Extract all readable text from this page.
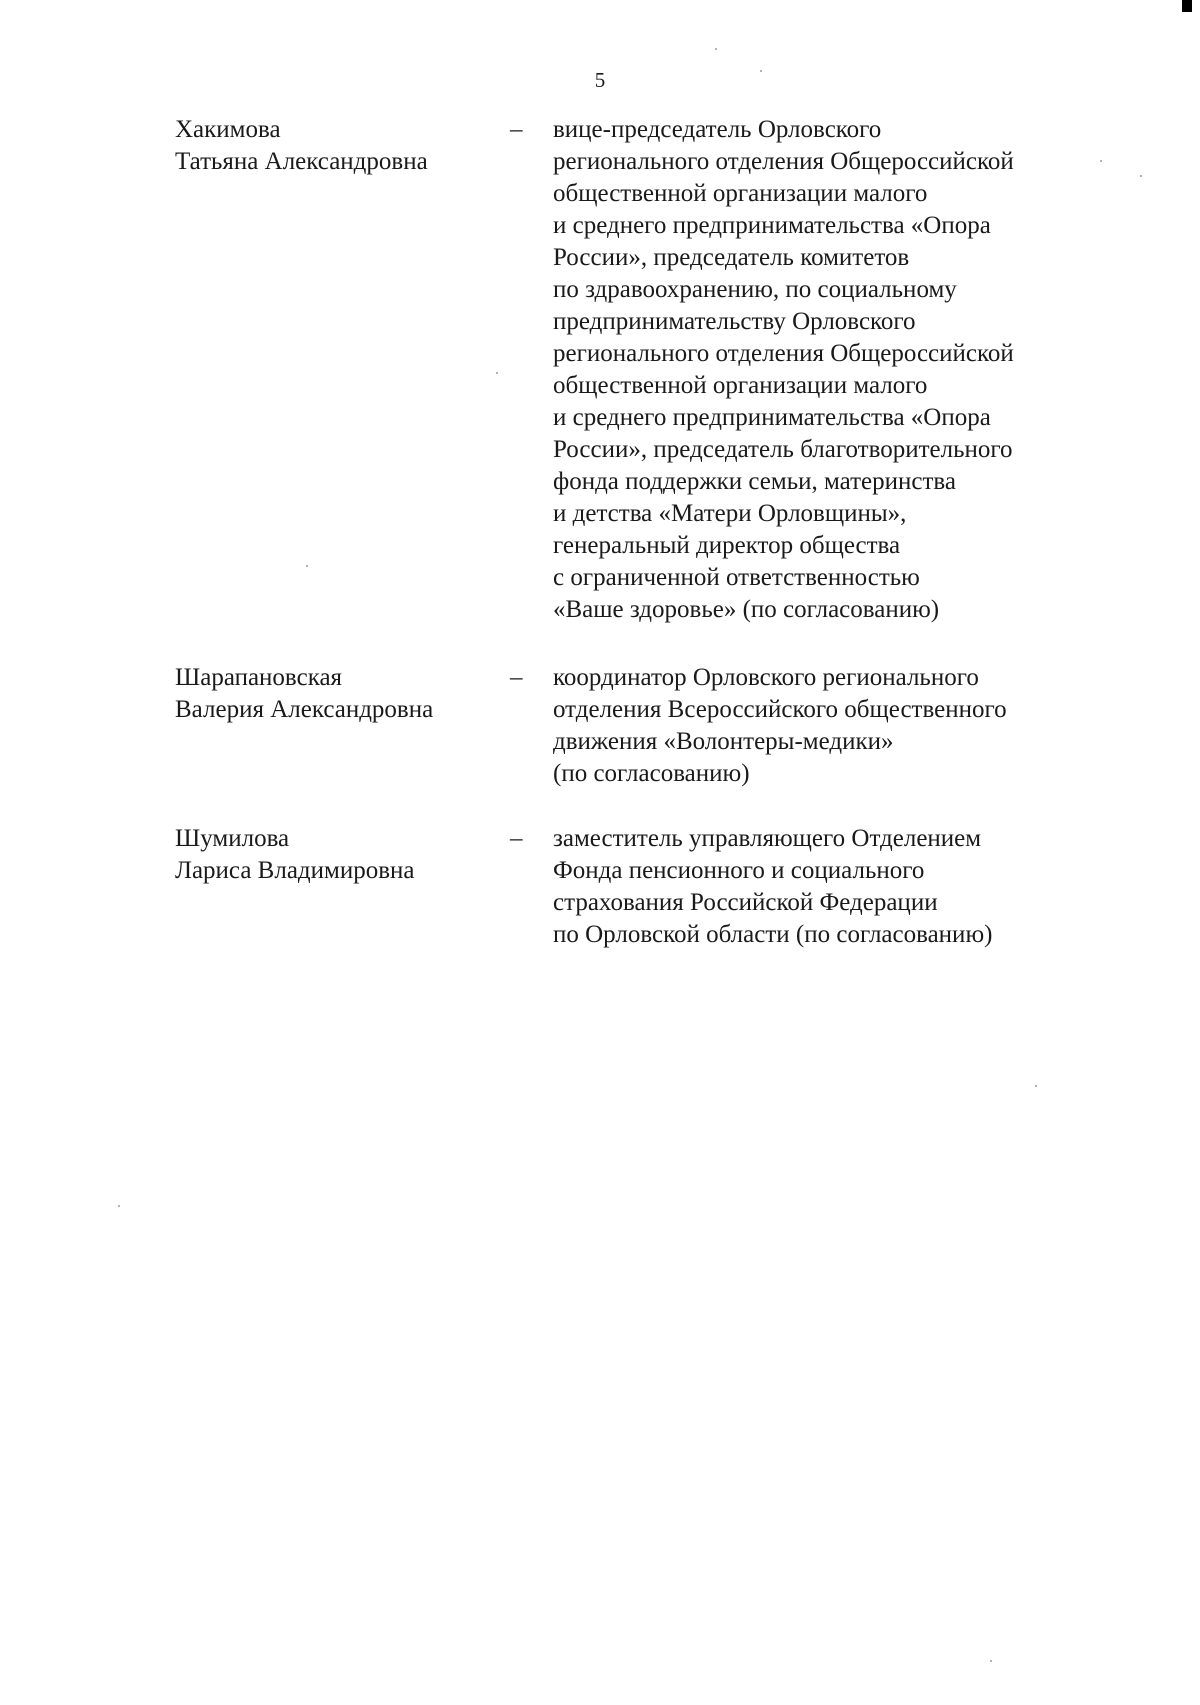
5
Хакимова
Татьяна Александровна
–	вице-председатель Орловского
регионального отделения Общероссийской
общественной организации малого
и среднего предпринимательства «Опора
России», председатель комитетов
по здравоохранению, по социальному
предпринимательству Орловского
регионального отделения Общероссийской
общественной организации малого
и среднего предпринимательства «Опора
России», председатель благотворительного
фонда поддержки семьи, материнства
и детства «Матери Орловщины»,
генеральный директор общества
с ограниченной ответственностью
«Ваше здоровье» (по согласованию)
Шарапановская
Валерия Александровна
–	координатор Орловского регионального
отделения Всероссийского общественного
движения «Волонтеры-медики»
(по согласованию)
Шумилова
Лариса Владимировна
–	заместитель управляющего Отделением
Фонда пенсионного и социального
страхования Российской Федерации
по Орловской области (по согласованию)
